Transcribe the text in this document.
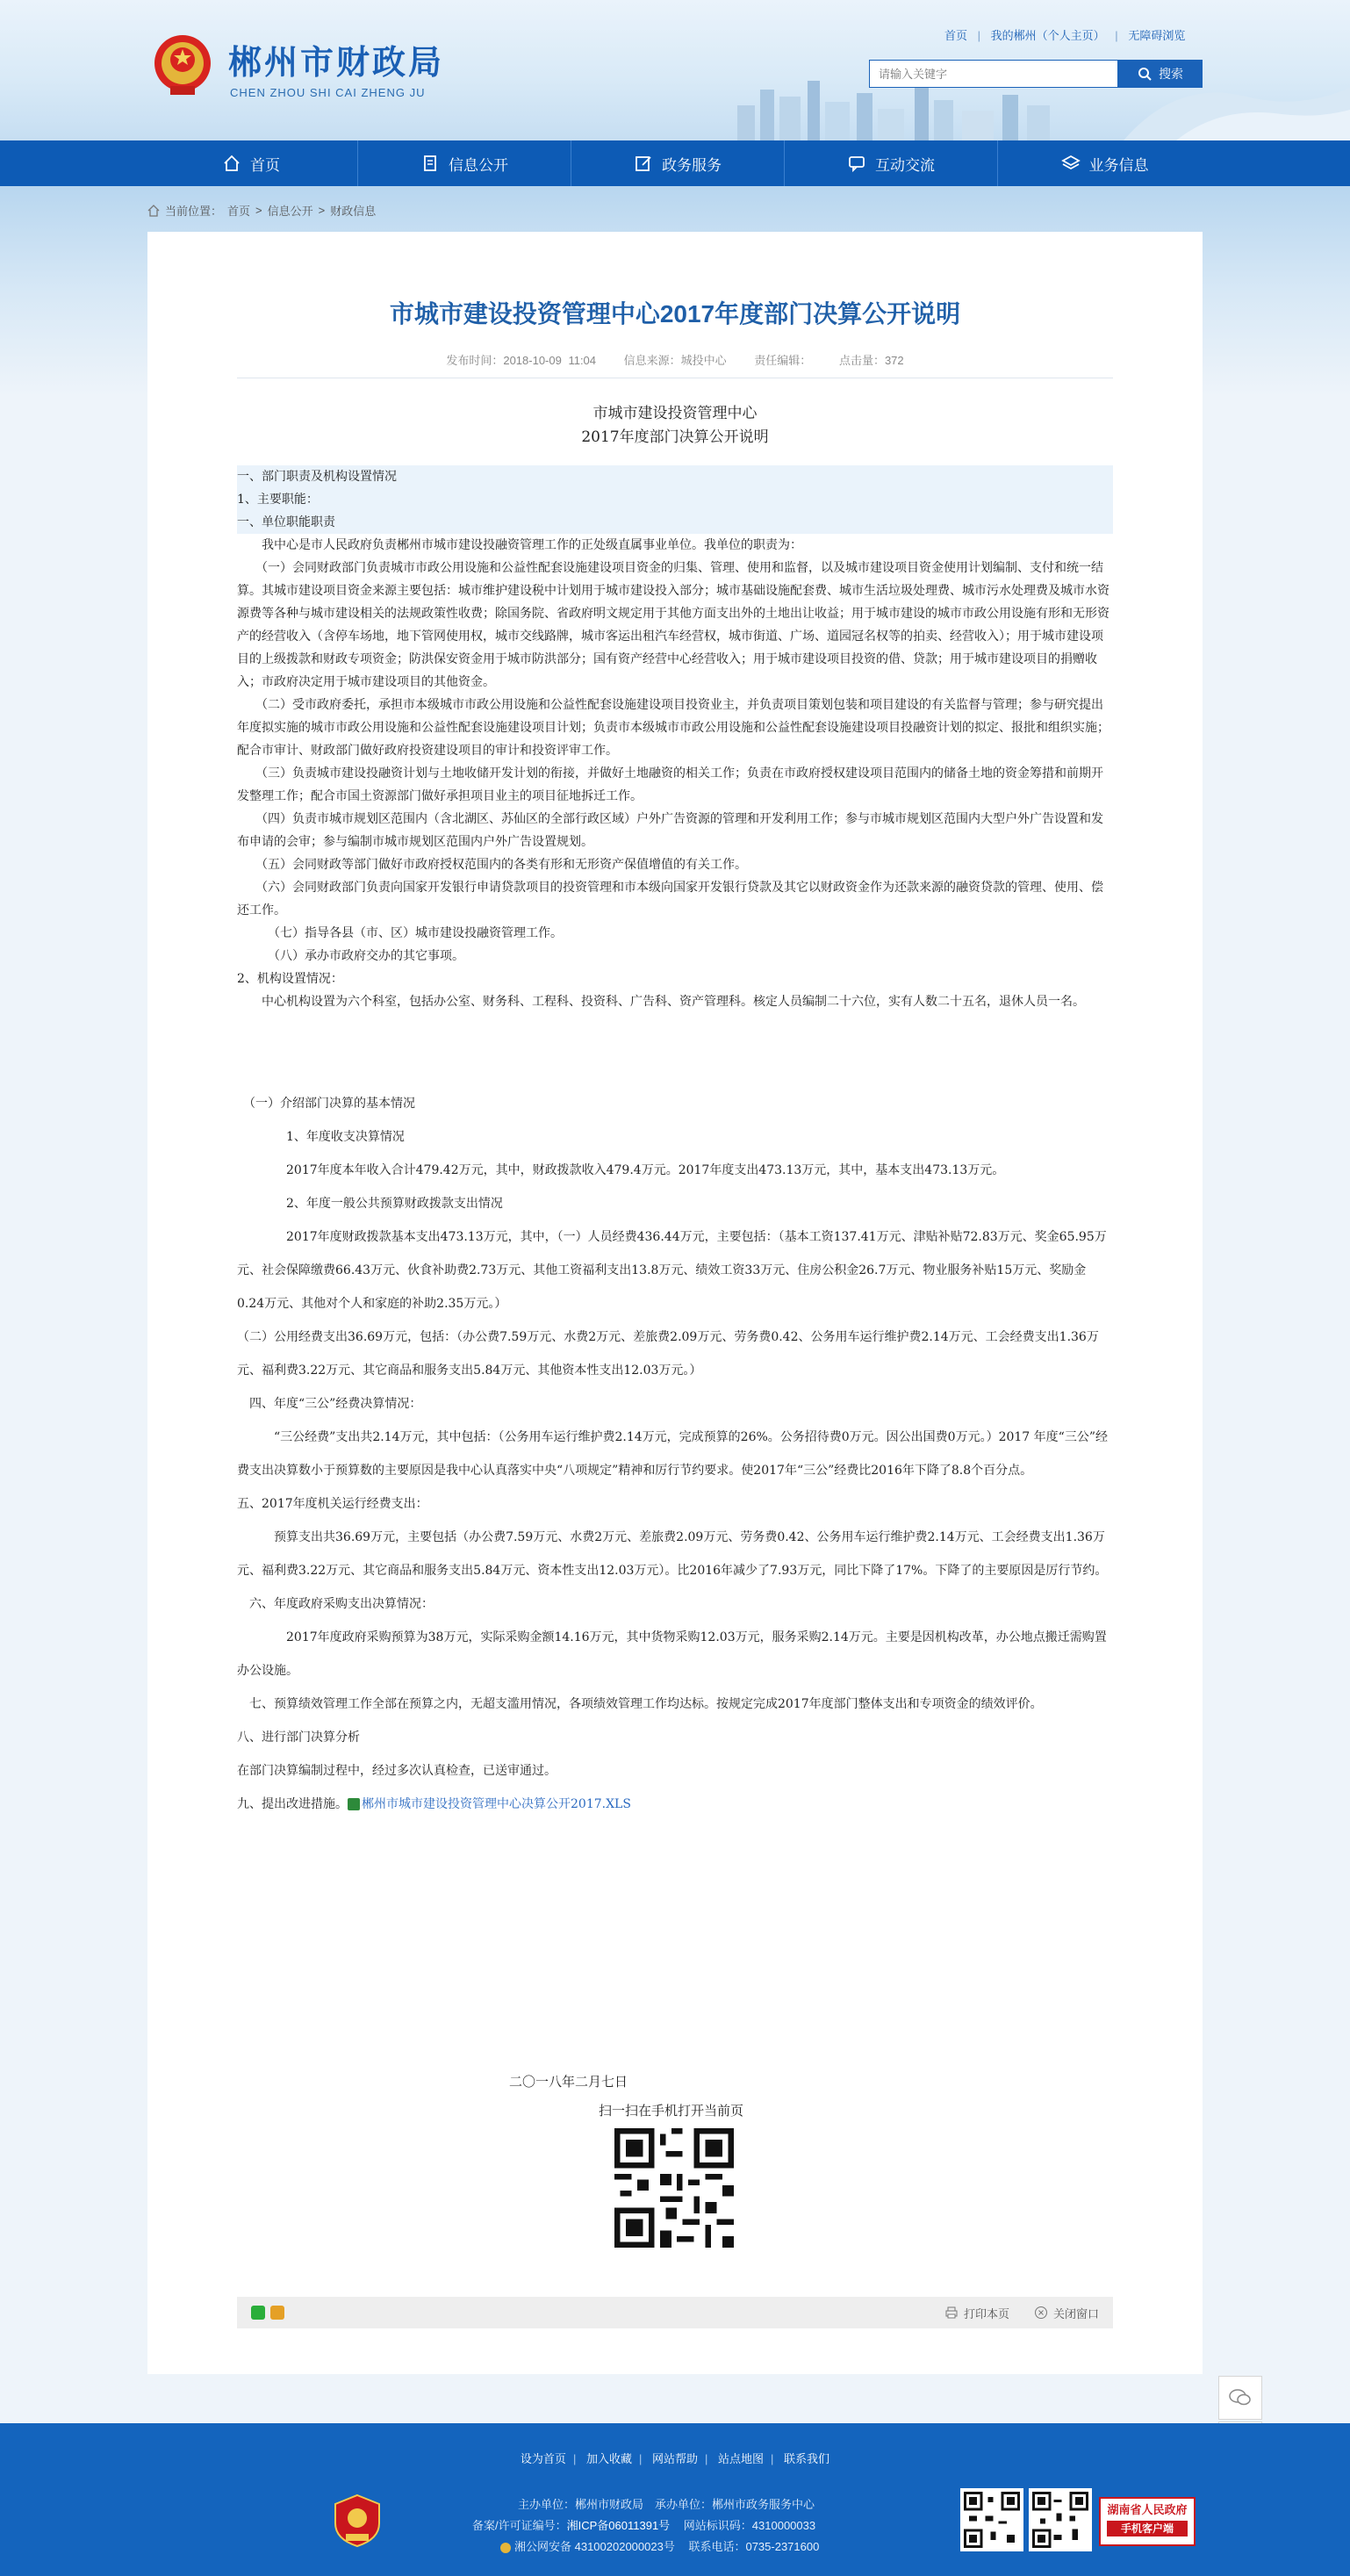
郴州市财政局
CHEN ZHOU SHI CAI ZHENG JU
首页 | 我的郴州（个人主页） | 无障碍浏览
请输入关键字
搜索
首页	信息公开	政务服务	互动交流	业务信息
当前位置： 首页 > 信息公开 > 财政信息
市城市建设投资管理中心2017年度部门决算公开说明
发布时间：2018-10-09 11:04 信息来源：城投中心 责任编辑： 点击量：372
市城市建设投资管理中心
2017年度部门决算公开说明
一、部门职责及机构设置情况
1、主要职能：
一、单位职能职责
　　我中心是市人民政府负责郴州市城市建设投融资管理工作的正处级直属事业单位。我单位的职责为：
　　（一）会同财政部门负责城市市政公用设施和公益性配套设施建设项目资金的归集、管理、使用和监督，以及城市建设项目资金使用计划编制、支付和统一结算。其城市建设项目资金来源主要包括：城市维护建设税中计划用于城市建设投入部分；城市基础设施配套费、城市生活垃圾处理费、城市污水处理费及城市水资源费等各种与城市建设相关的法规政策性收费；除国务院、省政府明文规定用于其他方面支出外的土地出让收益；用于城市建设的城市市政公用设施有形和无形资产的经营收入（含停车场地，地下管网使用权，城市交线路牌，城市客运出租汽车经营权，城市街道、广场、道园冠名权等的拍卖、经营收入）；用于城市建设项目的上级拨款和财政专项资金；防洪保安资金用于城市防洪部分；国有资产经营中心经营收入；用于城市建设项目投资的借、贷款；用于城市建设项目的捐赠收入；市政府决定用于城市建设项目的其他资金。
　　（二）受市政府委托，承担市本级城市市政公用设施和公益性配套设施建设项目投资业主，并负责项目策划包装和项目建设的有关监督与管理；参与研究提出年度拟实施的城市市政公用设施和公益性配套设施建设项目计划；负责市本级城市市政公用设施和公益性配套设施建设项目投融资计划的拟定、报批和组织实施；配合市审计、财政部门做好政府投资建设项目的审计和投资评审工作。
　　（三）负责城市建设投融资计划与土地收储开发计划的衔接，并做好土地融资的相关工作；负责在市政府授权建设项目范围内的储备土地的资金筹措和前期开发整理工作；配合市国土资源部门做好承担项目业主的项目征地拆迁工作。
　　（四）负责市城市规划区范围内（含北湖区、苏仙区的全部行政区域）户外广告资源的管理和开发利用工作；参与市城市规划区范围内大型户外广告设置和发布申请的会审；参与编制市城市规划区范围内户外广告设置规划。
　　（五）会同财政等部门做好市政府授权范围内的各类有形和无形资产保值增值的有关工作。
　　（六）会同财政部门负责向国家开发银行申请贷款项目的投资管理和市本级向国家开发银行贷款及其它以财政资金作为还款来源的融资贷款的管理、使用、偿还工作。
　　　（七）指导各县（市、区）城市建设投融资管理工作。
　　　（八）承办市政府交办的其它事项。
2、机构设置情况：
　　中心机构设置为六个科室，包括办公室、财务科、工程科、投资科、广告科、资产管理科。核定人员编制二十六位，实有人数二十五名，退休人员一名。
　（一）介绍部门决算的基本情况
　　　　1、年度收支决算情况
　　　　2017年度本年收入合计479.42万元，其中，财政拨款收入479.4万元。2017年度支出473.13万元，其中，基本支出473.13万元。
　　　　2、年度一般公共预算财政拨款支出情况
　　　　2017年度财政拨款基本支出473.13万元，其中，（一）人员经费436.44万元，主要包括：（基本工资137.41万元、津贴补贴72.83万元、奖金65.95万元、社会保障缴费66.43万元、伙食补助费2.73万元、其他工资福利支出13.8万元、绩效工资33万元、住房公积金26.7万元、物业服务补贴15万元、奖励金0.24万元、其他对个人和家庭的补助2.35万元。）
（二）公用经费支出36.69万元，包括：（办公费7.59万元、水费2万元、差旅费2.09万元、劳务费0.42、公务用车运行维护费2.14万元、工会经费支出1.36万元、福利费3.22万元、其它商品和服务支出5.84万元、其他资本性支出12.03万元。）
　四、年度“三公”经费决算情况：
　　　“三公经费”支出共2.14万元，其中包括：（公务用车运行维护费2.14万元，完成预算的26%。公务招待费0万元。因公出国费0万元。）2017 年度“三公”经费支出决算数小于预算数的主要原因是我中心认真落实中央“八项规定”精神和厉行节约要求。使2017年“三公”经费比2016年下降了8.8个百分点。
五、2017年度机关运行经费支出：
　　　预算支出共36.69万元，主要包括（办公费7.59万元、水费2万元、差旅费2.09万元、劳务费0.42、公务用车运行维护费2.14万元、工会经费支出1.36万元、福利费3.22万元、其它商品和服务支出5.84万元、资本性支出12.03万元）。比2016年减少了7.93万元，同比下降了17%。下降了的主要原因是厉行节约。
　六、年度政府采购支出决算情况：
　　　　2017年度政府采购预算为38万元，实际采购金额14.16万元，其中货物采购12.03万元，服务采购2.14万元。主要是因机构改革，办公地点搬迁需购置办公设施。
　七、预算绩效管理工作全部在预算之内，无超支滥用情况，各项绩效管理工作均达标。按规定完成2017年度部门整体支出和专项资金的绩效评价。
八、进行部门决算分析
在部门决算编制过程中，经过多次认真检查，已送审通过。
九、提出改进措施。 郴州市城市建设投资管理中心决算公开2017.XLS
二〇一八年二月七日
扫一扫在手机打开当前页
打印本页	关闭窗口
设为首页 | 加入收藏 | 网站帮助 | 站点地图 | 联系我们
主办单位：郴州市财政局　承办单位：郴州市政务服务中心
备案/许可证编号：湘ICP备06011391号 网站标识码：4310000033
湘公网安备 43100202000023号 联系电话：0735-2371600
湖南省人民政府
手机客户端
